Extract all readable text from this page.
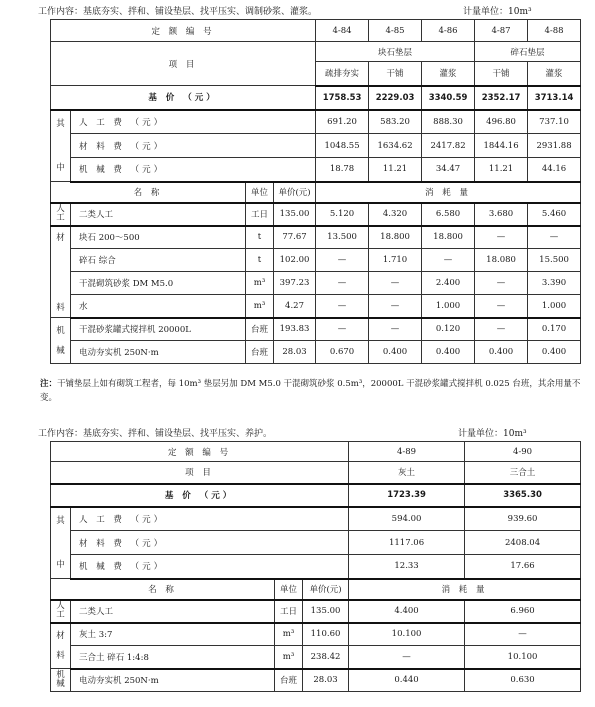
工作内容：基底夯实、拌和、铺设垫层、找平压实、调制砂浆、灌浆。	计量单位：10m³
定 额 编 号				4-84	4-85	4-86	4-87	4-88
项 目				块石垫层			碎石垫层	
				疏排夯实	干铺	灌浆	干铺	灌浆
基 价 （元）				1758.53	2229.03	3340.59	2352.17	3713.14
其

中	人 工 费 （元）			691.20	583.20	888.30	496.80	737.10
	材 料 费 （元）			1048.55	1634.62	2417.82	1844.16	2931.88
	机 械 费 （元）			18.78	11.21	34.47	11.21	44.16
名 称		单位	单价(元)	消 耗 量				
人工	二类人工	工日	135.00	5.120	4.320	6.580	3.680	5.460
材

料	块石 200～500	t	77.67	13.500	18.800	18.800	—	—
	碎石 综合	t	102.00	—	1.710	—	18.080	15.500
	干混砌筑砂浆 DM M5.0	m³	397.23	—	—	2.400	—	3.390
	水	m³	4.27	—	—	1.000	—	1.000
机
械	干混砂浆罐式搅拌机 20000L	台班	193.83	—	—	0.120	—	0.170
	电动夯实机 250N·m	台班	28.03	0.670	0.400	0.400	0.400	0.400
注：干铺垫层上如有砌筑工程者，每 10m³ 垫层另加 DM M5.0 干混砌筑砂浆 0.5m³，20000L 干混砂浆罐式搅拌机 0.025 台班，其余用量不变。
工作内容：基底夯实、拌和、铺设垫层、找平压实、养护。	计量单位：10m³
定 额 编 号				4-89	4-90
项 目				灰土	三合土
基 价 （元）				1723.39	3365.30
其

中	人 工 费 （元）			594.00	939.60
	材 料 费 （元）			1117.06	2408.04
	机 械 费 （元）			12.33	17.66
名 称		单位	单价(元)	消 耗 量	
人工	二类人工	工日	135.00	4.400	6.960
材
料	灰土 3:7	m³	110.60	10.100	—
	三合土 碎石 1:4:8	m³	238.42	—	10.100
机械	电动夯实机 250N·m	台班	28.03	0.440	0.630
